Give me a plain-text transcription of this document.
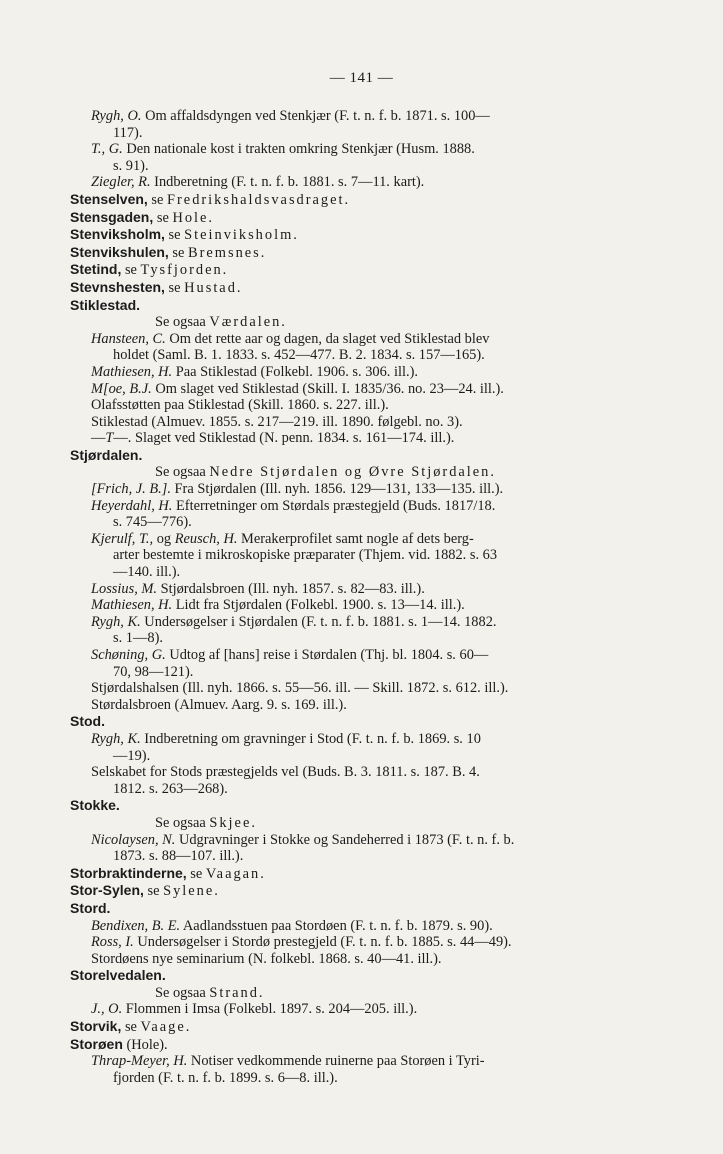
— 141 —
Rygh, O. Om affaldsdyngen ved Stenkjær (F. t. n. f. b. 1871. s. 100—
117).
T., G. Den nationale kost i trakten omkring Stenkjær (Husm. 1888.
s. 91).
Ziegler, R. Indberetning (F. t. n. f. b. 1881. s. 7—11. kart).
Stenselven, se Fredrikshaldsvasdraget.
Stensgaden, se Hole.
Stenviksholm, se Steinviksholm.
Stenvikshulen, se Bremsnes.
Stetind, se Tysfjorden.
Stevnshesten, se Hustad.
Stiklestad.
Se ogsaa Værdalen.
Hansteen, C. Om det rette aar og dagen, da slaget ved Stiklestad blev
holdet (Saml. B. 1. 1833. s. 452—477. B. 2. 1834. s. 157—165).
Mathiesen, H. Paa Stiklestad (Folkebl. 1906. s. 306. ill.).
M[oe, B.J. Om slaget ved Stiklestad (Skill. I. 1835/36. no. 23—24. ill.).
Olafsstøtten paa Stiklestad (Skill. 1860. s. 227. ill.).
Stiklestad (Almuev. 1855. s. 217—219. ill. 1890. følgebl. no. 3).
—T—. Slaget ved Stiklestad (N. penn. 1834. s. 161—174. ill.).
Stjørdalen.
Se ogsaa Nedre Stjørdalen og Øvre Stjørdalen.
[Frich, J. B.]. Fra Stjørdalen (Ill. nyh. 1856. 129—131, 133—135. ill.).
Heyerdahl, H. Efterretninger om Størdals præstegjeld (Buds. 1817/18.
s. 745—776).
Kjerulf, T., og Reusch, H. Merakerprofilet samt nogle af dets berg-
arter bestemte i mikroskopiske præparater (Thjem. vid. 1882. s. 63
—140. ill.).
Lossius, M. Stjørdalsbroen (Ill. nyh. 1857. s. 82—83. ill.).
Mathiesen, H. Lidt fra Stjørdalen (Folkebl. 1900. s. 13—14. ill.).
Rygh, K. Undersøgelser i Stjørdalen (F. t. n. f. b. 1881. s. 1—14. 1882.
s. 1—8).
Schøning, G. Udtog af [hans] reise i Størdalen (Thj. bl. 1804. s. 60—
70, 98—121).
Stjørdalshalsen (Ill. nyh. 1866. s. 55—56. ill. — Skill. 1872. s. 612. ill.).
Størdalsbroen (Almuev. Aarg. 9. s. 169. ill.).
Stod.
Rygh, K. Indberetning om gravninger i Stod (F. t. n. f. b. 1869. s. 10
—19).
Selskabet for Stods præstegjelds vel (Buds. B. 3. 1811. s. 187. B. 4.
1812. s. 263—268).
Stokke.
Se ogsaa Skjee.
Nicolaysen, N. Udgravninger i Stokke og Sandeherred i 1873 (F. t. n. f. b.
1873. s. 88—107. ill.).
Storbraktinderne, se Vaagan.
Stor-Sylen, se Sylene.
Stord.
Bendixen, B. E. Aadlandsstuen paa Stordøen (F. t. n. f. b. 1879. s. 90).
Ross, I. Undersøgelser i Stordø prestegjeld (F. t. n. f. b. 1885. s. 44—49).
Stordøens nye seminarium (N. folkebl. 1868. s. 40—41. ill.).
Storelvedalen.
Se ogsaa Strand.
J., O. Flommen i Imsa (Folkebl. 1897. s. 204—205. ill.).
Storvik, se Vaage.
Storøen (Hole).
Thrap-Meyer, H. Notiser vedkommende ruinerne paa Storøen i Tyri-
fjorden (F. t. n. f. b. 1899. s. 6—8. ill.).
